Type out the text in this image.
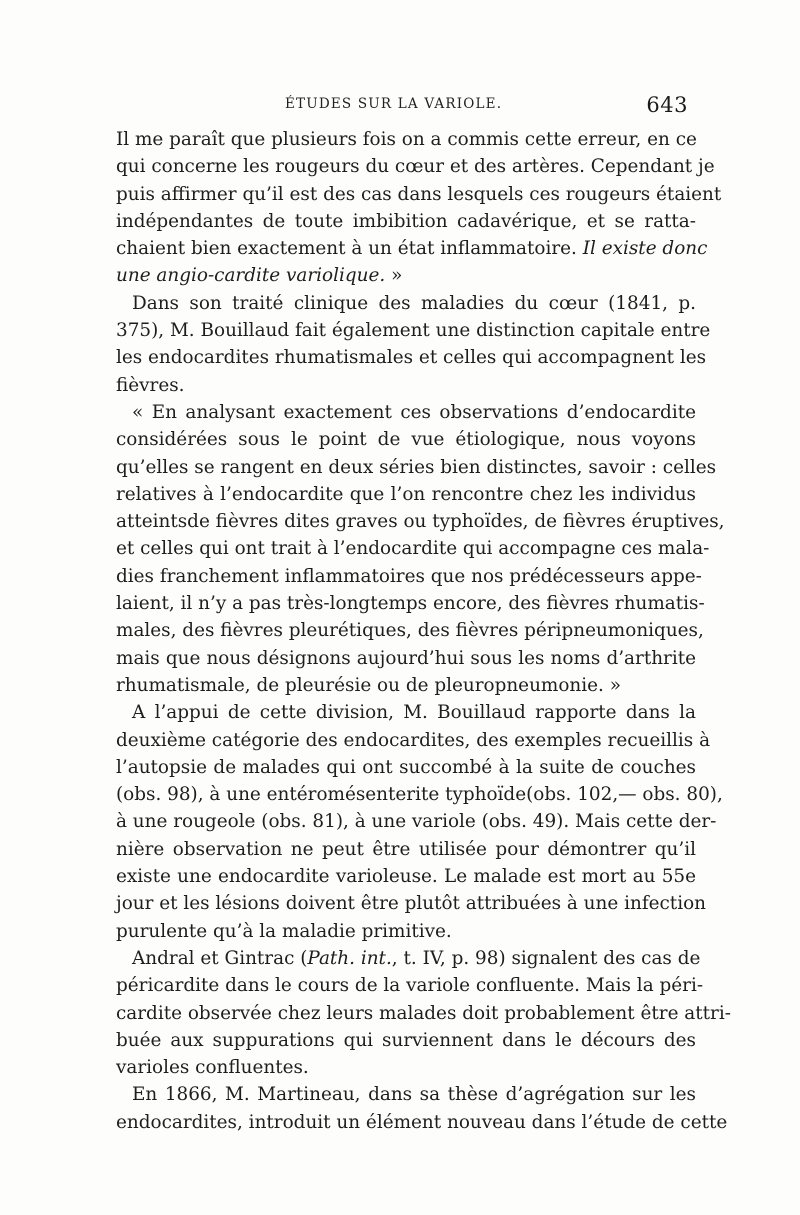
ÉTUDES SUR LA VARIOLE.	643
Il me paraît que plusieurs fois on a commis cette erreur, en ce
qui concerne les rougeurs du cœur et des artères. Cependant je
puis affirmer qu’il est des cas dans lesquels ces rougeurs étaient
indépendantes de toute imbibition cadavérique, et se ratta-
chaient bien exactement à un état inflammatoire. Il existe donc
une angio-cardite variolique. »
Dans son traité clinique des maladies du cœur (1841, p.
375), M. Bouillaud fait également une distinction capitale entre
les endocardites rhumatismales et celles qui accompagnent les
fièvres.
« En analysant exactement ces observations d’endocardite
considérées sous le point de vue étiologique, nous voyons
qu’elles se rangent en deux séries bien distinctes, savoir : celles
relatives à l’endocardite que l’on rencontre chez les individus
atteintsde fièvres dites graves ou typhoïdes, de fièvres éruptives,
et celles qui ont trait à l’endocardite qui accompagne ces mala-
dies franchement inflammatoires que nos prédécesseurs appe-
laient, il n’y a pas très-longtemps encore, des fièvres rhumatis-
males, des fièvres pleurétiques, des fièvres péripneumoniques,
mais que nous désignons aujourd’hui sous les noms d’arthrite
rhumatismale, de pleurésie ou de pleuropneumonie. »
A l’appui de cette division, M. Bouillaud rapporte dans la
deuxième catégorie des endocardites, des exemples recueillis à
l’autopsie de malades qui ont succombé à la suite de couches
(obs. 98), à une entéromésenterite typhoïde(obs. 102,— obs. 80),
à une rougeole (obs. 81), à une variole (obs. 49). Mais cette der-
nière observation ne peut être utilisée pour démontrer qu’il
existe une endocardite varioleuse. Le malade est mort au 55e
jour et les lésions doivent être plutôt attribuées à une infection
purulente qu’à la maladie primitive.
Andral et Gintrac (Path. int., t. IV, p. 98) signalent des cas de
péricardite dans le cours de la variole confluente. Mais la péri-
cardite observée chez leurs malades doit probablement être attri-
buée aux suppurations qui surviennent dans le décours des
varioles confluentes.
En 1866, M. Martineau, dans sa thèse d’agrégation sur les
endocardites, introduit un élément nouveau dans l’étude de cette
